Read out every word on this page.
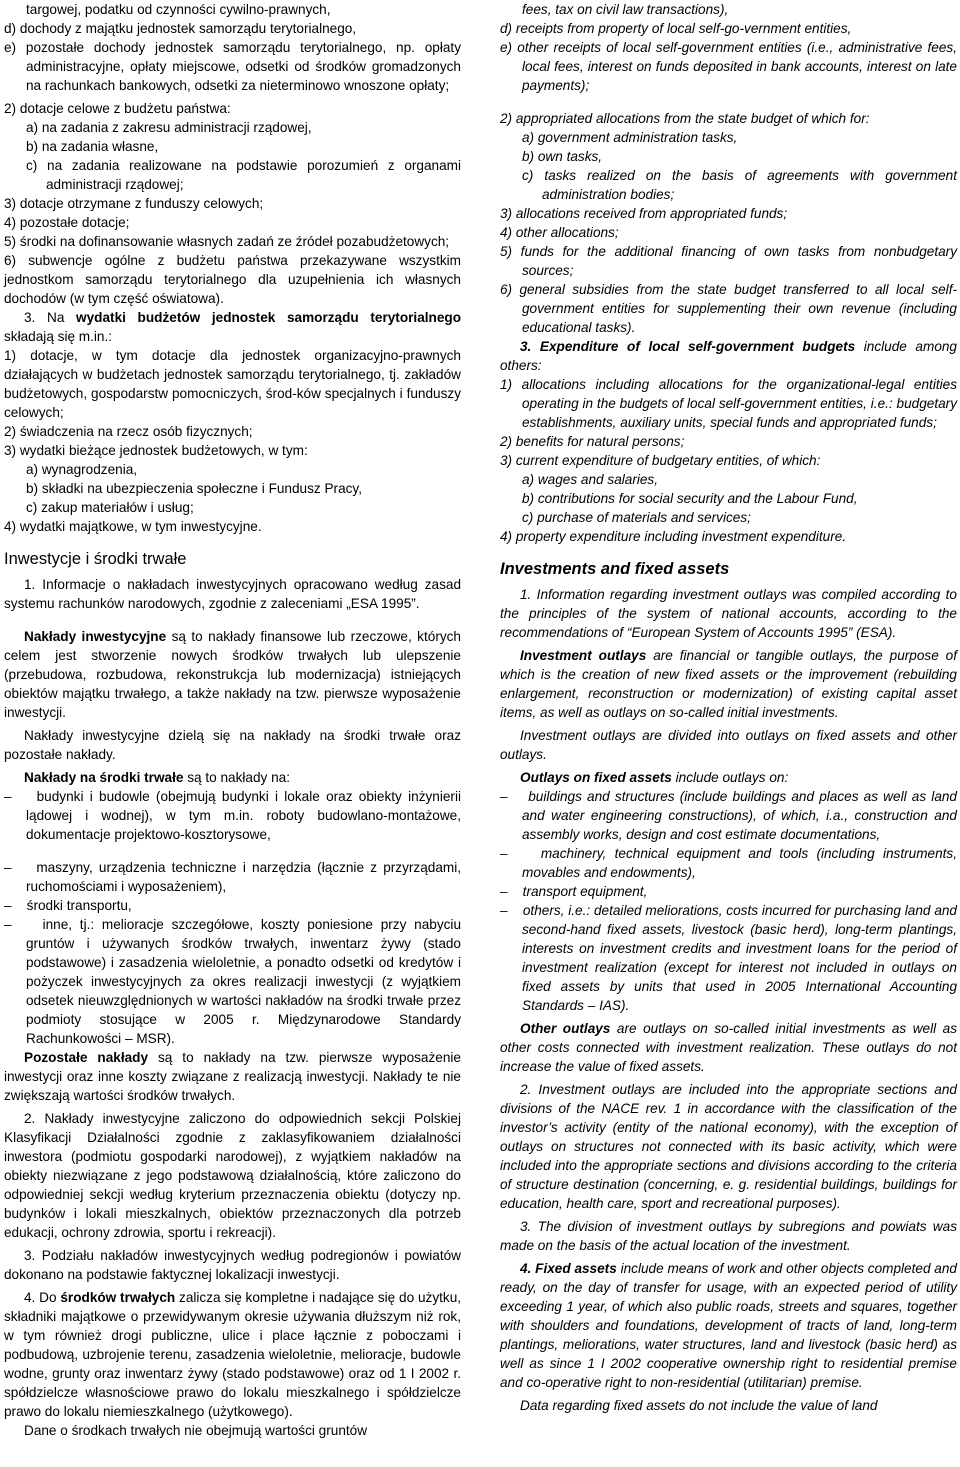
targowej, podatku od czynności cywilno-prawnych,

d) dochody z majątku jednostek samorządu terytorialnego,

e) pozostałe dochody jednostek samorządu terytorialnego, np. opłaty administracyjne, opłaty miejscowe, odsetki od środków gromadzonych na rachunkach bankowych, odsetki za nieterminowo wnoszone opłaty;

2) dotacje celowe z budżetu państwa:

a) na zadania z zakresu administracji rządowej,

b) na zadania własne,

c) na zadania realizowane na podstawie porozumień z organami administracji rządowej;

3) dotacje otrzymane z funduszy celowych;

4) pozostałe dotacje;

5) środki na dofinansowanie własnych zadań ze źródeł pozabudżetowych;

6) subwencje ogólne z budżetu państwa przekazywane wszystkim jednostkom samorządu terytorialnego dla uzupełnienia ich własnych dochodów (w tym część oświatowa).

3. Na wydatki budżetów jednostek samorządu terytorialnego składają się m.in.:

1) dotacje, w tym dotacje dla jednostek organizacyjno-prawnych działających w budżetach jednostek samorządu terytorialnego, tj. zakładów budżetowych, gospodarstw pomocniczych, środ-ków specjalnych i funduszy celowych;

2) świadczenia na rzecz osób fizycznych;

3) wydatki bieżące jednostek budżetowych, w tym:

a) wynagrodzenia,

b) składki na ubezpieczenia społeczne i Fundusz Pracy,

c) zakup materiałów i usług;

4) wydatki majątkowe, w tym inwestycyjne.

Inwestycje i środki trwałe

1. Informacje o nakładach inwestycyjnych opracowano według zasad systemu rachunków narodowych, zgodnie z zaleceniami „ESA 1995”.

Nakłady inwestycyjne są to nakłady finansowe lub rzeczowe, których celem jest stworzenie nowych środków trwałych lub ulepszenie (przebudowa, rozbudowa, rekonstrukcja lub modernizacja) istniejących obiektów majątku trwałego, a także nakłady na tzw. pierwsze wyposażenie inwestycji.

Nakłady inwestycyjne dzielą się na nakłady na środki trwałe oraz pozostałe nakłady.

Nakłady na środki trwałe są to nakłady na:

–    budynki i budowle (obejmują budynki i lokale oraz obiekty inżynierii lądowej i wodnej), w tym m.in. roboty budowlano-montażowe, dokumentacje projektowo-kosztorysowe,

–    maszyny, urządzenia techniczne i narzędzia (łącznie z przyrządami, ruchomościami i wyposażeniem),

–    środki transportu,

–    inne, tj.: melioracje szczegółowe, koszty poniesione przy nabyciu gruntów i używanych środków trwałych, inwentarz żywy (stado podstawowe) i zasadzenia wieloletnie, a ponadto odsetki od kredytów i pożyczek inwestycyjnych za okres realizacji inwestycji (z wyjątkiem odsetek nieuwzględnionych w wartości nakładów na środki trwałe przez podmioty stosujące w 2005 r. Międzynarodowe Standardy Rachunkowości – MSR).

Pozostałe nakłady są to nakłady na tzw. pierwsze wyposażenie inwestycji oraz inne koszty związane z realizacją inwestycji. Nakłady te nie zwiększają wartości środków trwałych.

2. Nakłady inwestycyjne zaliczono do odpowiednich sekcji Polskiej Klasyfikacji Działalności zgodnie z zaklasyfikowaniem działalności inwestora (podmiotu gospodarki narodowej), z wyjątkiem nakładów na obiekty niezwiązane z jego podstawową działalnością, które zaliczono do odpowiedniej sekcji według kryterium przeznaczenia obiektu (dotyczy np. budynków i lokali mieszkalnych, obiektów przeznaczonych dla potrzeb edukacji, ochrony zdrowia, sportu i rekreacji).

3. Podziału nakładów inwestycyjnych według podregionów i powiatów dokonano na podstawie faktycznej lokalizacji inwestycji.

4. Do środków trwałych zalicza się kompletne i nadające się do użytku, składniki majątkowe o przewidywanym okresie używania dłuższym niż rok, w tym również drogi publiczne, ulice i place łącznie z poboczami i podbudową, uzbrojenie terenu, zasadzenia wieloletnie, melioracje, budowle wodne, grunty oraz inwentarz żywy (stado podstawowe) oraz od 1 I 2002 r. spółdzielcze własnościowe prawo do lokalu mieszkalnego i spółdzielcze prawo do lokalu niemieszkalnego (użytkowego).

Dane o środkach trwałych nie obejmują wartości gruntów

fees, tax on civil law transactions),

d) receipts from property of local self-go-vernment entities,

e) other receipts of local self-government entities (i.e., administrative fees, local fees, interest on funds deposited in bank accounts, interest on late payments);

2) appropriated allocations from the state budget of which for:

a) government administration tasks,

b) own tasks,

c) tasks realized on the basis of agreements with government administration bodies;

3) allocations received from appropriated funds;

4) other allocations;

5) funds for the additional financing of own tasks from nonbudgetary sources;

6) general subsidies from the state budget transferred to all local self-government entities for supplementing their own revenue (including educational tasks).

3. Expenditure of local self-government budgets include among others:

1) allocations including allocations for the organizational-legal entities operating in the budgets of local self-government entities, i.e.: budgetary establishments, auxiliary units, special funds and appropriated funds;

2) benefits for natural persons;

3) current expenditure of budgetary entities, of which:

a) wages and salaries,

b) contributions for social security and the Labour Fund,

c) purchase of materials and services;

4) property expenditure including investment expenditure.

Investments and fixed assets

1. Information regarding investment outlays was compiled according to the principles of the system of national accounts, according to the recommendations of “European System of Accounts 1995” (ESA).

Investment outlays are financial or tangible outlays, the purpose of which is the creation of new fixed assets or the improvement (rebuilding enlargement, reconstruction or modernization) of existing capital asset items, as well as outlays on so-called initial investments.

Investment outlays are divided into outlays on fixed assets and other outlays.

Outlays on fixed assets include outlays on:

–    buildings and structures (include buildings and places as well as land and water engineering constructions), of which, i.a., construction and assembly works, design and cost estimate documentations,

–    machinery, technical equipment and tools (including instruments, movables and endowments),

–    transport equipment,

–    others, i.e.: detailed meliorations, costs incurred for purchasing land and second-hand fixed assets, livestock (basic herd), long-term plantings, interests on investment credits and investment loans for the period of investment realization (except for interest not included in outlays on fixed assets by units that used in 2005 International Accounting Standards – IAS).

Other outlays are outlays on so-called initial investments as well as other costs connected with investment realization. These outlays do not increase the value of fixed assets.

2. Investment outlays are included into the appropriate sections and divisions of the NACE rev. 1 in accordance with the classification of the investor’s activity (entity of the national economy), with the exception of outlays on structures not connected with its basic activity, which were included into the appropriate sections and divisions according to the criteria of structure destination (concerning, e. g. residential buildings, buildings for education, health care, sport and recreational purposes).

3. The division of investment outlays by subregions and powiats was made on the basis of the actual location of the investment.

4. Fixed assets include means of work and other objects completed and ready, on the day of transfer for usage, with an expected period of utility exceeding 1 year, of which also public roads, streets and squares, together with shoulders and foundations, development of tracts of land, long-term plantings, meliorations, water structures, land and livestock (basic herd) as well as since 1 I 2002 cooperative ownership right to residential premise and co-operative right to non-residential (utilitarian) premise.

Data regarding fixed assets do not include the value of land
